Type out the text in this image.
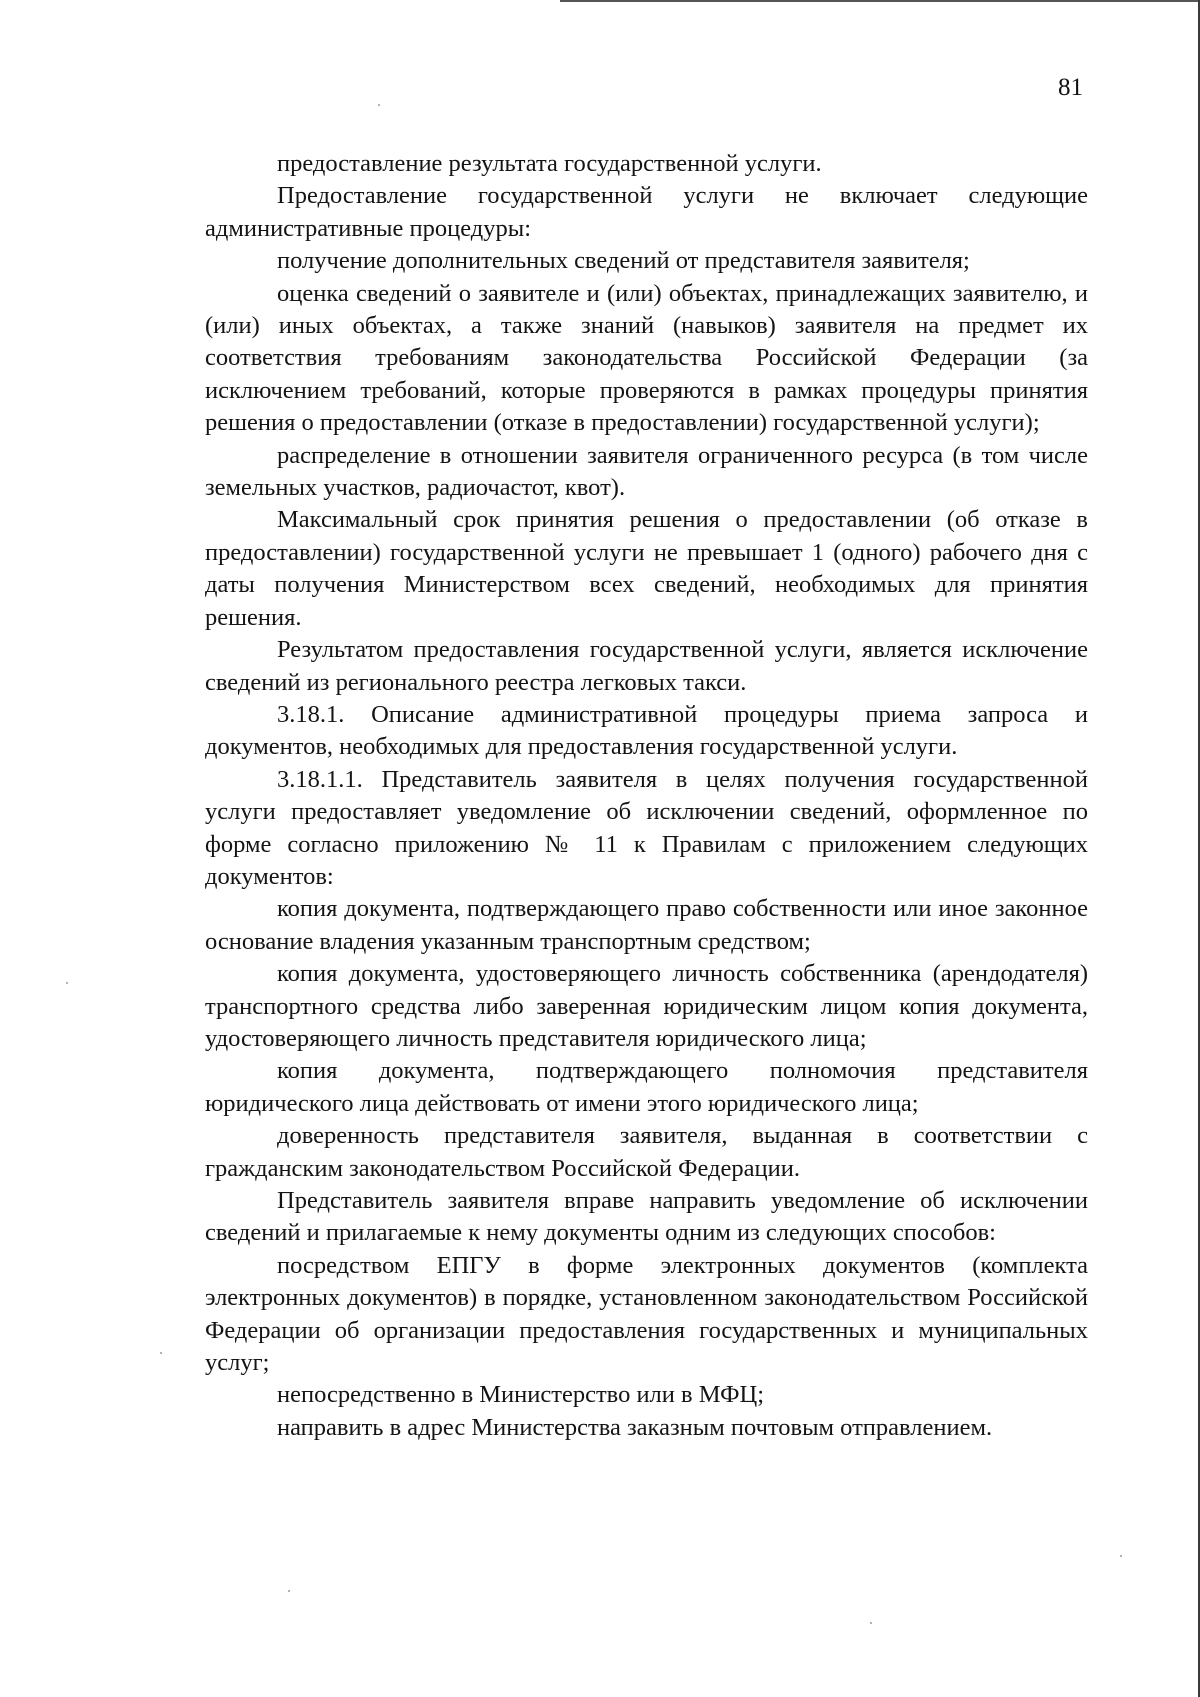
81

предоставление результата государственной услуги.

Предоставление государственной услуги не включает следующие административные процедуры:

получение дополнительных сведений от представителя заявителя;

оценка сведений о заявителе и (или) объектах, принадлежащих заявителю, и (или) иных объектах, а также знаний (навыков) заявителя на предмет их соответствия требованиям законодательства Российской Федерации (за исключением требований, которые проверяются в рамках процедуры принятия решения о предоставлении (отказе в предоставлении) государственной услуги);

распределение в отношении заявителя ограниченного ресурса (в том числе земельных участков, радиочастот, квот).

Максимальный срок принятия решения о предоставлении (об отказе в предоставлении) государственной услуги не превышает 1 (одного) рабочего дня с даты получения Министерством всех сведений, необходимых для принятия решения.

Результатом предоставления государственной услуги, является исключение сведений из регионального реестра легковых такси.

3.18.1. Описание административной процедуры приема запроса и документов, необходимых для предоставления государственной услуги.

3.18.1.1. Представитель заявителя в целях получения государственной услуги предоставляет уведомление об исключении сведений, оформленное по форме согласно приложению № 11 к Правилам с приложением следующих документов:

копия документа, подтверждающего право собственности или иное законное основание владения указанным транспортным средством;

копия документа, удостоверяющего личность собственника (арендодателя) транспортного средства либо заверенная юридическим лицом копия документа, удостоверяющего личность представителя юридического лица;

копия документа, подтверждающего полномочия представителя юридического лица действовать от имени этого юридического лица;

доверенность представителя заявителя, выданная в соответствии с гражданским законодательством Российской Федерации.

Представитель заявителя вправе направить уведомление об исключении сведений и прилагаемые к нему документы одним из следующих способов:

посредством ЕПГУ в форме электронных документов (комплекта электронных документов) в порядке, установленном законодательством Российской Федерации об организации предоставления государственных и муниципальных услуг;

непосредственно в Министерство или в МФЦ;

направить в адрес Министерства заказным почтовым отправлением.
